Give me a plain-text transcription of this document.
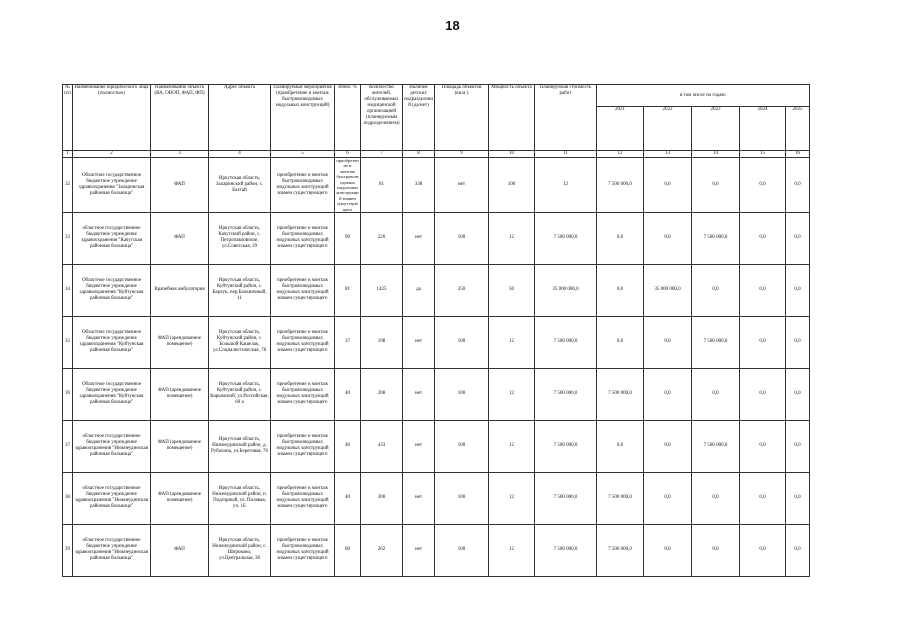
18
№ п/п	Наименование юридического лица (полностью)	Наименование объекта (ВА, ОВОП, ФАП, ФП)	Адрес объекта	Планируемые мероприятия (приобретение и монтаж быстровозводимых модульных конструкций)	Износ %	Количество жителей, обслуживаемых медицинской организацией (планируемым подразделением)	Наличие детских подразделений (да/нет)	Площадь объектов (кв.м.)	Мощность объекта	Планируемая стоимость работ	в том числе по годам:				
											2021	2022	2023	2024	2025
1	2	3	4	5	6	7	8	9	10	11	12	13	14	15	16
32	Областное государственное бюджетное учреждение здравоохранения "Заларинская районная больница"	ФАП	Иркутская область, Заларинский район, с. Бахтай	приобретение и монтаж быстровозводимых модульных конструкций взамен существующего	приобретение и монтаж быстровозводимых модульных конструкций взамен существующего	81	338	нет	100	12	7 500 000,0	0,0	0,0	0,0	0,0
33	областное государственное бюджетное учреждение здравоохранения "Качугская районная больница"	ФАП	Иркутская область, Качугский район, с. Петропавловское, ул.Советская, 29	приобретение и монтаж быстровозводимых модульных конструкций взамен существующего	90	226	нет	100	12	7 500 000,0	0,0	0,0	7 500 000,0	0,0	0,0
34	Областное государственное бюджетное учреждение здравоохранения "Куйтунская районная больница"	Врачебная амбулатория	Иркутская область, Куйтунский район, с. Барлук, пер.Больничный, 11	приобретение и монтаж быстровозводимых модульных конструкций взамен существующего	81	1425	да	350	50	35 000 000,0	0,0	35 000 000,0	0,0	0,0	0,0
35	Областное государственное бюджетное учреждение здравоохранения "Куйтунская районная больница"	ФАП (арендованное помещение)	Иркутская область, Куйтунский район, с. Большой Кашелак, ул.Социалистическая, 78	приобретение и монтаж быстровозводимых модульных конструкций взамен существующего	37	198	нет	100	12	7 500 000,0	0,0	0,0	7 500 000,0	0,0	0,0
36	Областное государственное бюджетное учреждение здравоохранения "Куйтунская районная больница"	ФАП (арендованное помещение)	Иркутская область, Куйтунский район, с. Карымский, ул.Российская, 60 а	приобретение и монтаж быстровозводимых модульных конструкций взамен существующего	40	208	нет	100	12	7 500 000,0	7 500 000,0	0,0	0,0	0,0	0,0
37	областное государственное бюджетное учреждение здравоохранения "Нижнеудинская районная больница"	ФАП (арендованное помещение)	Иркутская область, Нижнеудинский район, д. Рубахина, ул.Береговая, 76	приобретение и монтаж быстровозводимых модульных конструкций взамен существующего	40	433	нет	100	12	7 500 000,0	0,0	0,0	7 500 000,0	0,0	0,0
38	областное государственное бюджетное учреждение здравоохранения "Нижнеудинская районная больница"	ФАП (арендованное помещение)	Иркутская область, Нижнеудинский район, п. Подгорный, ул. Полевая, уч. 1Б	приобретение и монтаж быстровозводимых модульных конструкций взамен существующего	40	300	нет	100	12	7 500 000,0	7 500 000,0	0,0	0,0	0,0	0,0
39	областное государственное бюджетное учреждение здравоохранения "Нижнеудинская районная больница"	ФАП	Иркутская область, Нижнеудинский район, с. Широково, ул.Центральная, 38	приобретение и монтаж быстровозводимых модульных конструкций взамен существующего	80	262	нет	100	12	7 500 000,0	7 500 000,0	0,0	0,0	0,0	0,0
